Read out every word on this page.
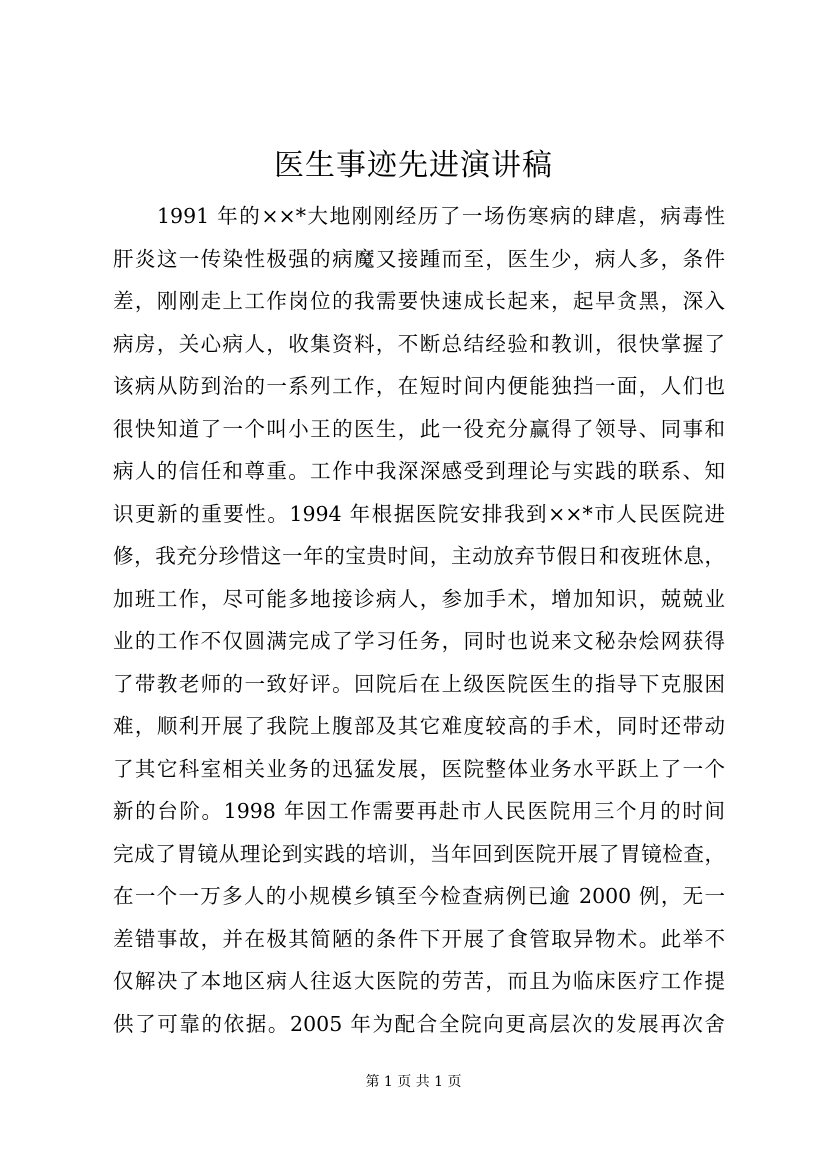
医生事迹先进演讲稿
1991 年的××*大地刚刚经历了一场伤寒病的肆虐，病毒性
肝炎这一传染性极强的病魔又接踵而至，医生少，病人多，条件
差，刚刚走上工作岗位的我需要快速成长起来，起早贪黑，深入
病房，关心病人，收集资料，不断总结经验和教训，很快掌握了
该病从防到治的一系列工作，在短时间内便能独挡一面，人们也
很快知道了一个叫小王的医生，此一役充分赢得了领导、同事和
病人的信任和尊重。工作中我深深感受到理论与实践的联系、知
识更新的重要性。1994 年根据医院安排我到××*市人民医院进
修，我充分珍惜这一年的宝贵时间，主动放弃节假日和夜班休息，
加班工作，尽可能多地接诊病人，参加手术，增加知识，兢兢业
业的工作不仅圆满完成了学习任务，同时也说来文秘杂烩网获得
了带教老师的一致好评。回院后在上级医院医生的指导下克服困
难，顺利开展了我院上腹部及其它难度较高的手术，同时还带动
了其它科室相关业务的迅猛发展，医院整体业务水平跃上了一个
新的台阶。1998 年因工作需要再赴市人民医院用三个月的时间
完成了胃镜从理论到实践的培训，当年回到医院开展了胃镜检查，
在一个一万多人的小规模乡镇至今检查病例已逾 2000 例，无一
差错事故，并在极其简陋的条件下开展了食管取异物术。此举不
仅解决了本地区病人往返大医院的劳苦，而且为临床医疗工作提
供了可靠的依据。2005 年为配合全院向更高层次的发展再次舍
第 1 页 共 1 页
